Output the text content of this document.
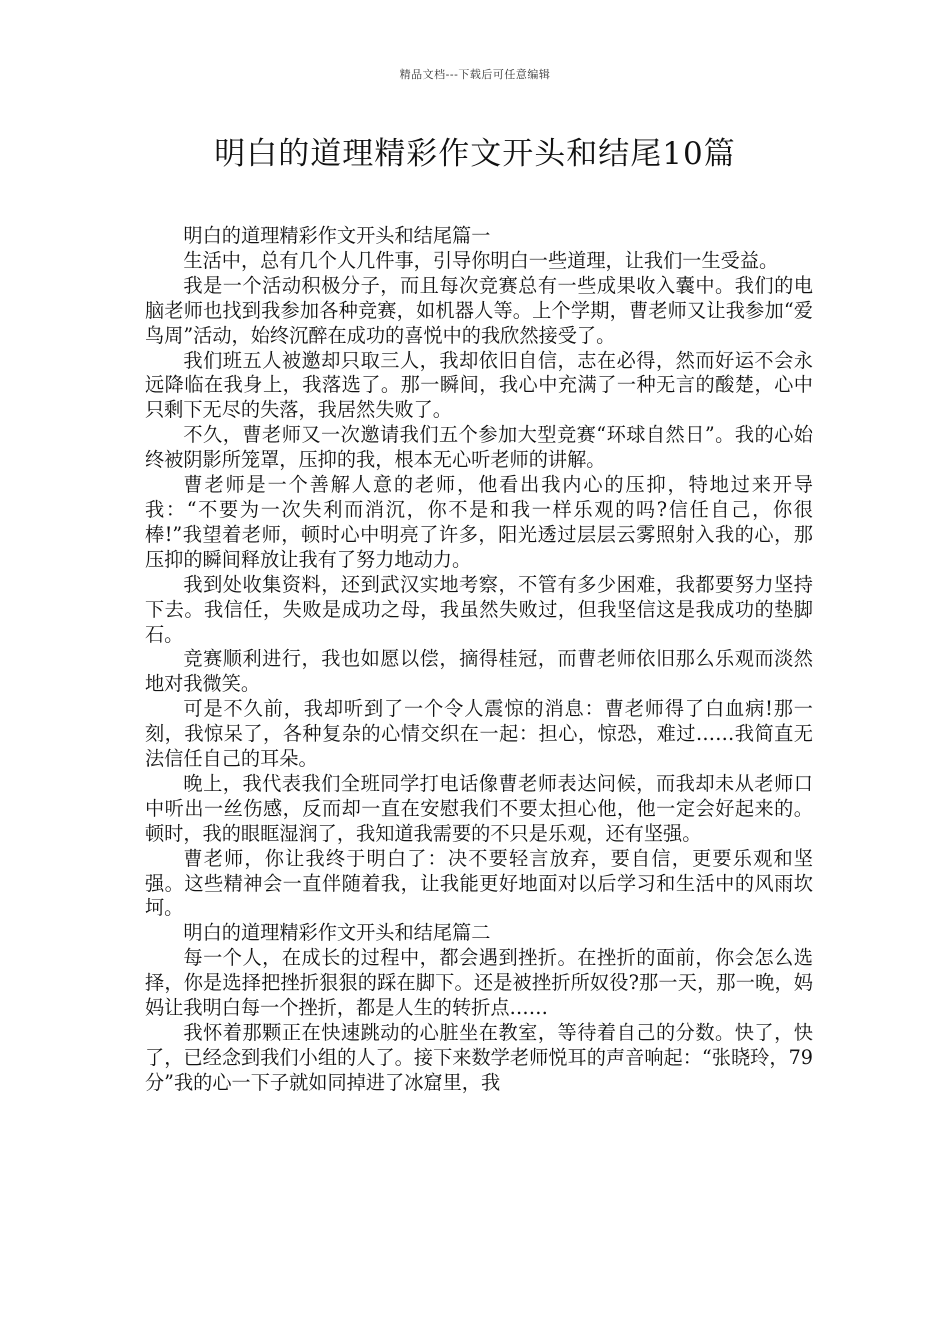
精品文档---下载后可任意编辑
明白的道理精彩作文开头和结尾10篇

明白的道理精彩作文开头和结尾篇一

生活中，总有几个人几件事，引导你明白一些道理，让我们一生受益。

我是一个活动积极分子，而且每次竞赛总有一些成果收入囊中。我们的电脑老师也找到我参加各种竞赛，如机器人等。上个学期，曹老师又让我参加“爱鸟周”活动，始终沉醉在成功的喜悦中的我欣然接受了。

我们班五人被邀却只取三人，我却依旧自信，志在必得，然而好运不会永远降临在我身上，我落选了。那一瞬间，我心中充满了一种无言的酸楚，心中只剩下无尽的失落，我居然失败了。

不久，曹老师又一次邀请我们五个参加大型竞赛“环球自然日”。我的心始终被阴影所笼罩，压抑的我，根本无心听老师的讲解。

曹老师是一个善解人意的老师，他看出我内心的压抑，特地过来开导我：“不要为一次失利而消沉，你不是和我一样乐观的吗?信任自己，你很棒!”我望着老师，顿时心中明亮了许多，阳光透过层层云雾照射入我的心，那压抑的瞬间释放让我有了努力地动力。

我到处收集资料，还到武汉实地考察，不管有多少困难，我都要努力坚持下去。我信任，失败是成功之母，我虽然失败过，但我坚信这是我成功的垫脚石。

竞赛顺利进行，我也如愿以偿，摘得桂冠，而曹老师依旧那么乐观而淡然地对我微笑。

可是不久前，我却听到了一个令人震惊的消息：曹老师得了白血病!那一刻，我惊呆了，各种复杂的心情交织在一起：担心，惊恐，难过……我简直无法信任自己的耳朵。

晚上，我代表我们全班同学打电话像曹老师表达问候，而我却未从老师口中听出一丝伤感，反而却一直在安慰我们不要太担心他，他一定会好起来的。顿时，我的眼眶湿润了，我知道我需要的不只是乐观，还有坚强。

曹老师，你让我终于明白了：决不要轻言放弃，要自信，更要乐观和坚强。这些精神会一直伴随着我，让我能更好地面对以后学习和生活中的风雨坎坷。

明白的道理精彩作文开头和结尾篇二

每一个人，在成长的过程中，都会遇到挫折。在挫折的面前，你会怎么选择，你是选择把挫折狠狠的踩在脚下。还是被挫折所奴役?那一天，那一晚，妈妈让我明白每一个挫折，都是人生的转折点……

我怀着那颗正在快速跳动的心脏坐在教室，等待着自己的分数。快了，快了，已经念到我们小组的人了。接下来数学老师悦耳的声音响起：“张晓玲，79分”我的心一下子就如同掉进了冰窟里，我
